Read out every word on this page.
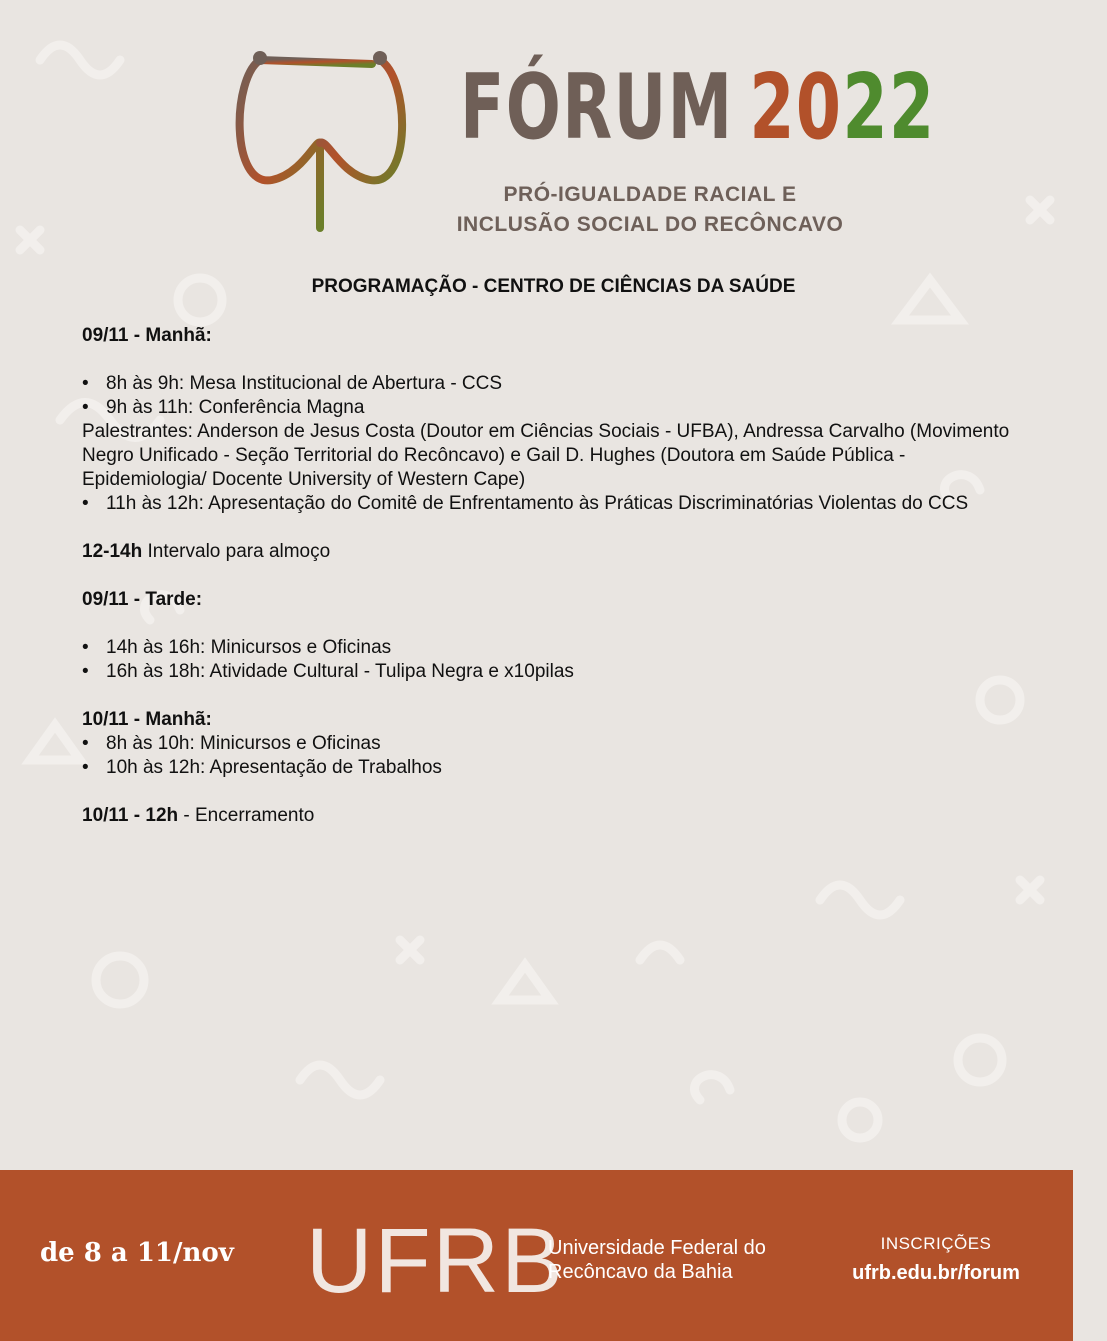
FÓRUM 2022
PRÓ-IGUALDADE RACIAL E
INCLUSÃO SOCIAL DO RECÔNCAVO
PROGRAMAÇÃO - CENTRO DE CIÊNCIAS DA SAÚDE

09/11 - Manhã:

• 8h às 9h: Mesa Institucional de Abertura - CCS
• 9h às 11h: Conferência Magna

Palestrantes: Anderson de Jesus Costa (Doutor em Ciências Sociais - UFBA), Andressa Carvalho (Movimento Negro Unificado - Seção Territorial do Recôncavo) e Gail D. Hughes (Doutora em Saúde Pública - Epidemiologia/ Docente University of Western Cape)

• 11h às 12h: Apresentação do Comitê de Enfrentamento às Práticas Discriminatórias Violentas do CCS

12-14h Intervalo para almoço

09/11 - Tarde:

• 14h às 16h: Minicursos e Oficinas
• 16h às 18h: Atividade Cultural - Tulipa Negra e x10pilas

10/11 - Manhã:

• 8h às 10h: Minicursos e Oficinas
• 10h às 12h: Apresentação de Trabalhos

10/11 - 12h - Encerramento

de 8 a 11/nov UFRB
Universidade Federal do
Recôncavo da Bahia
INSCRIÇÕES
ufrb.edu.br/forum
